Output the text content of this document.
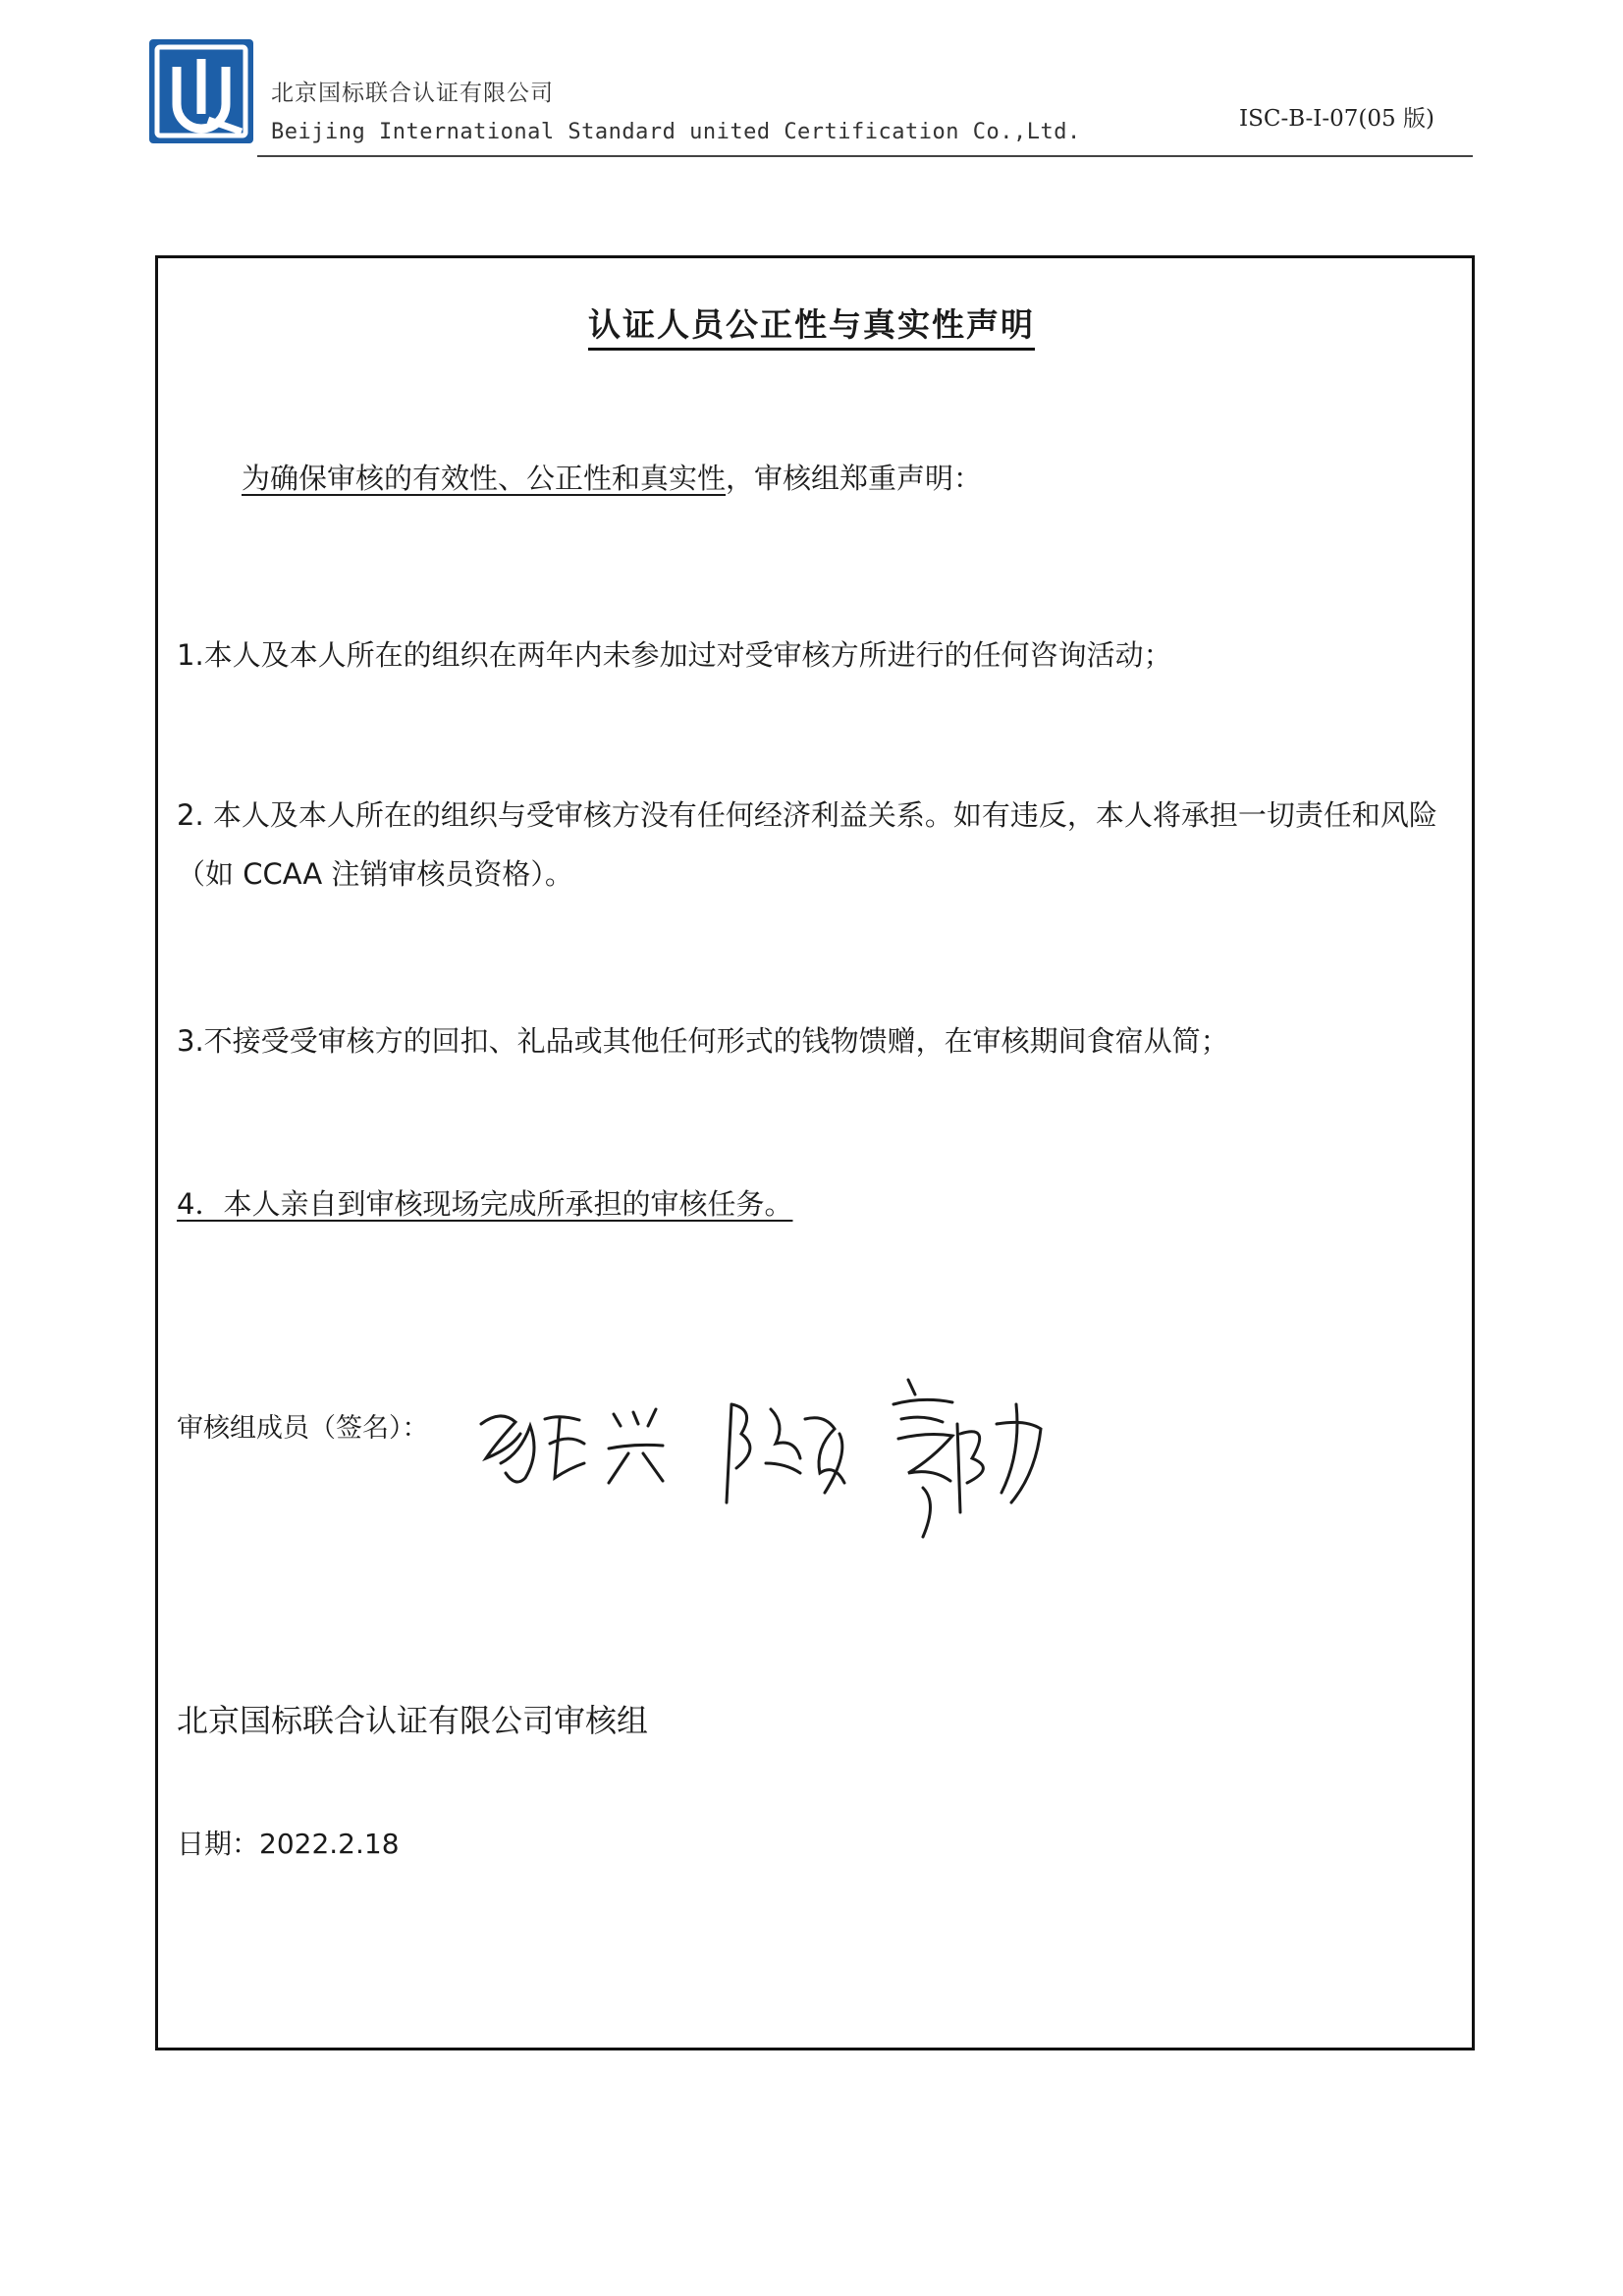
北京国标联合认证有限公司
Beijing International Standard united Certification Co.,Ltd.
ISC-B-I-07(05 版)
认证人员公正性与真实性声明
为确保审核的有效性、公正性和真实性，审核组郑重声明：
1.本人及本人所在的组织在两年内未参加过对受审核方所进行的任何咨询活动；
2. 本人及本人所在的组织与受审核方没有任何经济利益关系。如有违反，本人将承担一切责任和风险（如 CCAA 注销审核员资格）。
3.不接受受审核方的回扣、礼品或其他任何形式的钱物馈赠，在审核期间食宿从简；
4．本人亲自到审核现场完成所承担的审核任务。
审核组成员（签名）：
北京国标联合认证有限公司审核组
日期：2022.2.18
